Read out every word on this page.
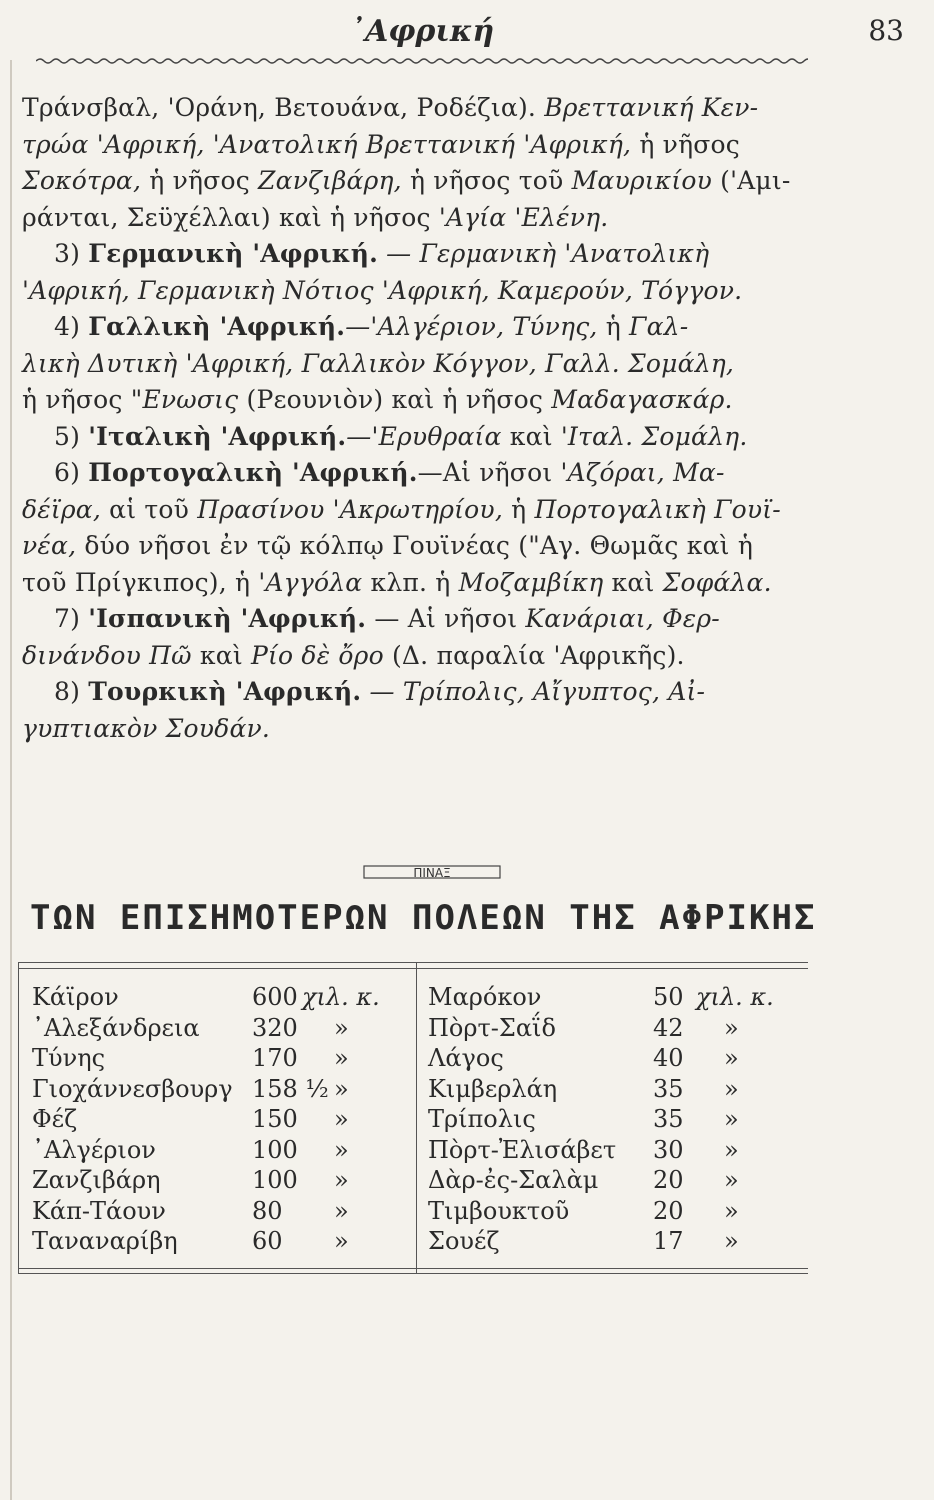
᾿Αφρική	83
Τράνσβαλ, 'Οράνη, Βετουάνα, Ροδέζια). Βρεττανική Κεν-
τρώα 'Αφρική, 'Ανατολική Βρεττανική 'Αφρική, ἡ νῆσος
Σοκότρα, ἡ νῆσος Ζανζιβάρη, ἡ νῆσος τοῦ Μαυρικίου ('Αμι-
ράνται, Σεϋχέλλαι) καὶ ἡ νῆσος 'Αγία 'Ελένη.
3) Γερμανικὴ 'Αφρική. — Γερμανικὴ 'Ανατολικὴ
'Αφρική, Γερμανικὴ Νότιος 'Αφρική, Καμερούν, Τόγγον.
4) Γαλλικὴ 'Αφρική.—'Αλγέριον, Τύνης, ἡ Γαλ-
λικὴ Δυτικὴ 'Αφρική, Γαλλικὸν Κόγγον, Γαλλ. Σομάλη,
ἡ νῆσος "Ενωσις (Ρεουνιὸν) καὶ ἡ νῆσος Μαδαγασκάρ.
5) 'Ιταλικὴ 'Αφρική.—'Ερυθραία καὶ 'Ιταλ. Σομάλη.
6) Πορτογαλικὴ 'Αφρική.—Αἱ νῆσοι 'Αζόραι, Μα-
δέϊρα, αἱ τοῦ Πρασίνου 'Ακρωτηρίου, ἡ Πορτογαλικὴ Γουϊ-
νέα, δύο νῆσοι ἐν τῷ κόλπῳ Γουϊνέας ("Αγ. Θωμᾶς καὶ ἡ
τοῦ Πρίγκιπος), ἡ 'Αγγόλα κλπ. ἡ Μοζαμβίκη καὶ Σοφάλα.
7) 'Ισπανικὴ 'Αφρική. — Αἱ νῆσοι Κανάριαι, Φερ-
δινάνδου Πῶ καὶ Ρίο δὲ ὄρο (Δ. παραλία 'Αφρικῆς).
8) Τουρκικὴ 'Αφρική. — Τρίπολις, Αἴγυπτος, Αἰ-
γυπτιακὸν Σουδάν.
ΠΙΝΑΞ
ΤΩΝ ΕΠΙΣΗΜΟΤΕΡΩΝ ΠΟΛΕΩΝ ΤΗΣ ΑΦΡΙΚΗΣ
Κάϊρον	600 χιλ. κ.
᾿Αλεξάνδρεια 320 »
Τύνης	170 »
Γιοχάννεσβουργ 158 ½ »
Φέζ	150 »
᾿Αλγέριον	100 »
Ζανζιβάρη	100 »
Κάπ-Τάουν	80 »
Ταναναρίβη	60 »
Μαρόκον	50 χιλ. κ.
Πὸρτ-Σαΐδ	42 »
Λάγος	40 »
Κιμβερλάη	35 »
Τρίπολις	35 »
Πὸρτ-Ἐλισάβετ 30 »
Δὰρ-ἐς-Σαλὰμ 20 »
Τιμβουκτοῦ	20 »
Σουέζ	17 »
